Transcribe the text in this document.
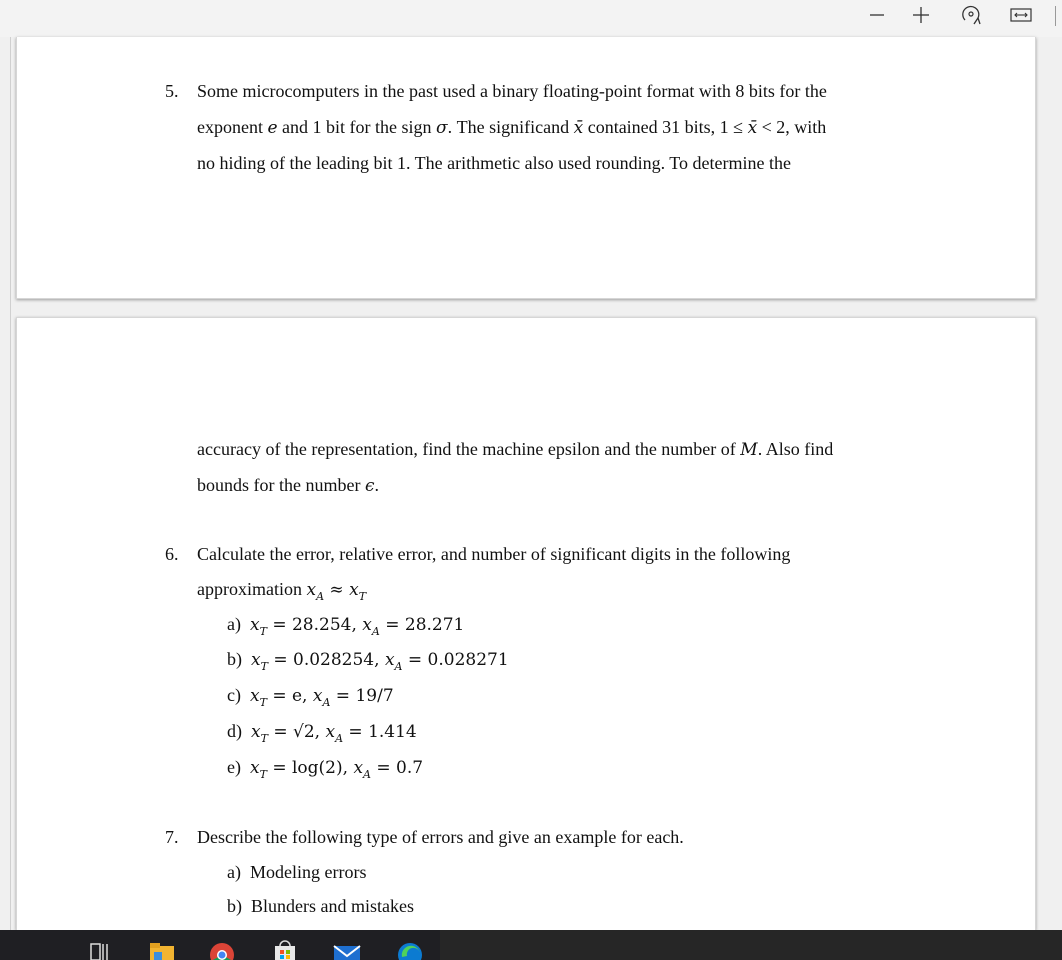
5. Some microcomputers in the past used a binary floating-point format with 8 bits for the
exponent e and 1 bit for the sign σ. The significand x̄ contained 31 bits, 1 ≤ x̄ < 2, with
no hiding of the leading bit 1. The arithmetic also used rounding. To determine the
accuracy of the representation, find the machine epsilon and the number of M. Also find
bounds for the number ϵ.
6. Calculate the error, relative error, and number of significant digits in the following
approximation $x_A \approx x_T$
a) $x_T = 28.254$, $x_A = 28.271$
b) $x_T = 0.028254$, $x_A = 0.028271$
c) $x_T = e$, $x_A = 19/7$
d) $x_T = √2$, $x_A = 1.414$
e) $x_T = \log(2)$, $x_A = 0.7$
7. Describe the following type of errors and give an example for each.
a) Modeling errors
b) Blunders and mistakes
